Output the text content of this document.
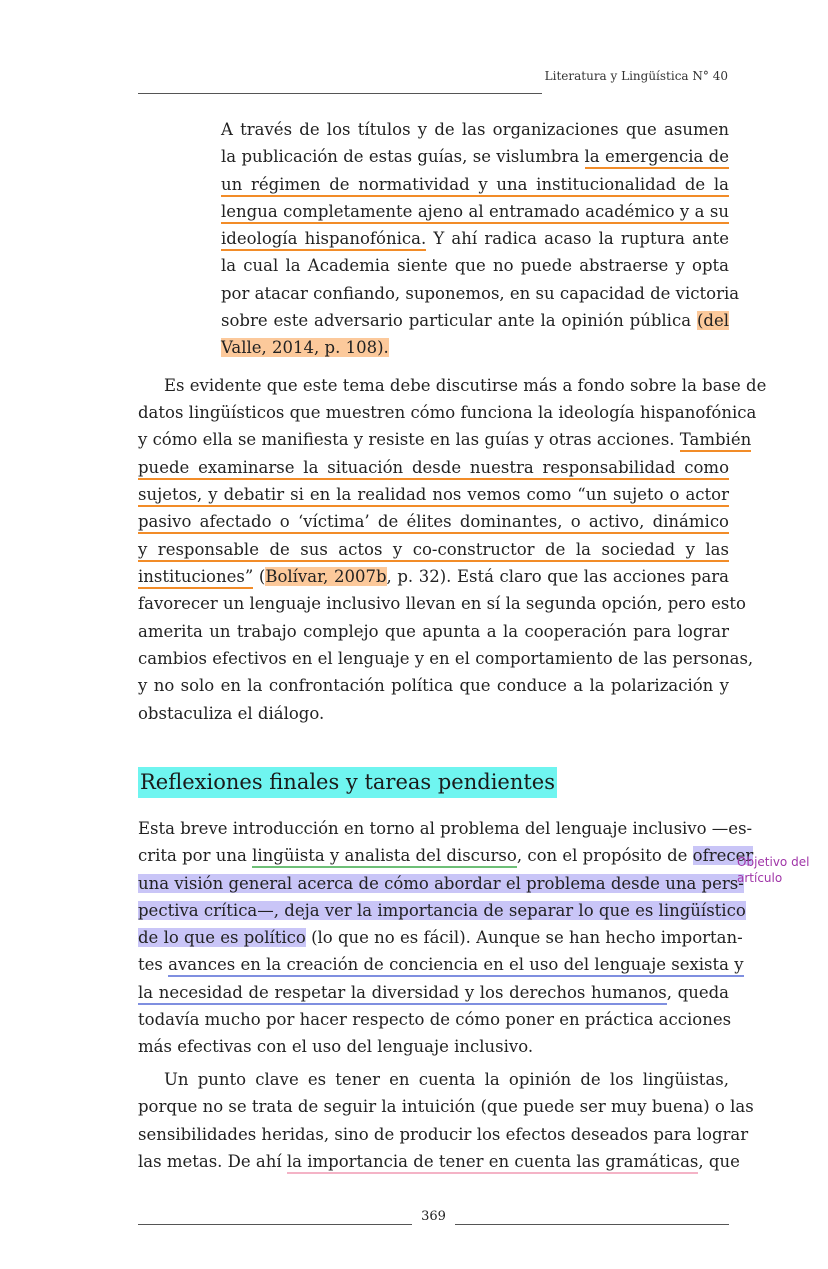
Literatura y Lingüística N° 40
A través de los títulos y de las organizaciones que asumen
la publicación de estas guías, se vislumbra la emergencia de
un régimen de normatividad y una institucionalidad de la
lengua completamente ajeno al entramado académico y a su
ideología hispanofónica. Y ahí radica acaso la ruptura ante
la cual la Academia siente que no puede abstraerse y opta
por atacar confiando, suponemos, en su capacidad de victoria
sobre este adversario particular ante la opinión pública (del
Valle, 2014, p. 108).
Es evidente que este tema debe discutirse más a fondo sobre la base de
datos lingüísticos que muestren cómo funciona la ideología hispanofónica
y cómo ella se manifiesta y resiste en las guías y otras acciones. También
puede examinarse la situación desde nuestra responsabilidad como
sujetos, y debatir si en la realidad nos vemos como “un sujeto o actor
pasivo afectado o ‘víctima’ de élites dominantes, o activo, dinámico
y responsable de sus actos y co-constructor de la sociedad y las
instituciones” (Bolívar, 2007b, p. 32). Está claro que las acciones para
favorecer un lenguaje inclusivo llevan en sí la segunda opción, pero esto
amerita un trabajo complejo que apunta a la cooperación para lograr
cambios efectivos en el lenguaje y en el comportamiento de las personas,
y no solo en la confrontación política que conduce a la polarización y
obstaculiza el diálogo.
Reflexiones finales y tareas pendientes
Esta breve introducción en torno al problema del lenguaje inclusivo —es-
crita por una lingüista y analista del discurso, con el propósito de ofrecer
una visión general acerca de cómo abordar el problema desde una pers-
pectiva crítica—, deja ver la importancia de separar lo que es lingüístico
de lo que es político (lo que no es fácil). Aunque se han hecho importan-
tes avances en la creación de conciencia en el uso del lenguaje sexista y
la necesidad de respetar la diversidad y los derechos humanos, queda
todavía mucho por hacer respecto de cómo poner en práctica acciones
más efectivas con el uso del lenguaje inclusivo.
Objetivo del artículo
Un punto clave es tener en cuenta la opinión de los lingüistas,
porque no se trata de seguir la intuición (que puede ser muy buena) o las
sensibilidades heridas, sino de producir los efectos deseados para lograr
las metas. De ahí la importancia de tener en cuenta las gramáticas, que
369
